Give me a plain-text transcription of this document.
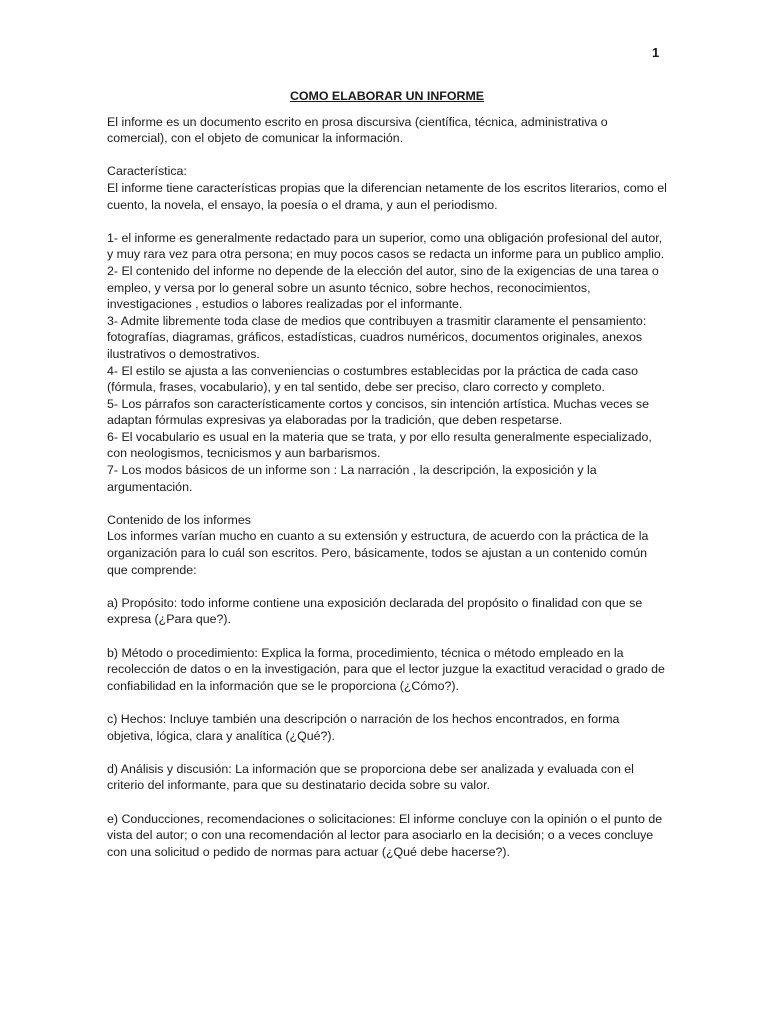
1

COMO ELABORAR UN INFORME

El informe es un documento escrito en prosa discursiva (científica, técnica, administrativa o comercial), con el objeto de comunicar la información.

Característica:

El informe tiene características propias que la diferencian netamente de los escritos literarios, como el cuento, la novela, el ensayo, la poesía o el drama, y aun el periodismo.

1- el informe es generalmente redactado para un superior, como una obligación profesional del autor, y muy rara vez para otra persona; en muy pocos casos se redacta un informe para un publico amplio.

2- El contenido del informe no depende de la elección del autor, sino de la exigencias de una tarea o empleo, y versa por lo general sobre un asunto técnico, sobre hechos, reconocimientos, investigaciones , estudios o labores realizadas por el informante.

3- Admite libremente toda clase de medios que contribuyen a trasmitir claramente el pensamiento: fotografías, diagramas, gráficos, estadísticas, cuadros numéricos, documentos originales, anexos ilustrativos o demostrativos.

4- El estilo se ajusta a las conveniencias o costumbres establecidas por la práctica de cada caso (fórmula, frases, vocabulario), y en tal sentido, debe ser preciso, claro correcto y completo.

5- Los párrafos son característicamente cortos y concisos, sin intención artística. Muchas veces se adaptan fórmulas expresivas ya elaboradas por la tradición, que deben respetarse.

6- El vocabulario es usual en la materia que se trata, y por ello resulta generalmente especializado, con neologismos, tecnicismos y aun barbarismos.

7- Los modos básicos de un informe son : La narración , la descripción, la exposición y la argumentación.

Contenido de los informes

Los informes varían mucho en cuanto a su extensión y estructura, de acuerdo con la práctica de la organización para lo cuál son escritos. Pero, básicamente, todos se ajustan a un contenido común que comprende:

a) Propósito: todo informe contiene una exposición declarada del propósito o finalidad con que se expresa (¿Para que?).

b) Método o procedimiento: Explica la forma, procedimiento, técnica o método empleado en la recolección de datos o en la investigación, para que el lector juzgue la exactitud veracidad o grado de confiabilidad en la información que se le proporciona (¿Cómo?).

c) Hechos: Incluye también una descripción o narración de los hechos encontrados, en forma objetiva, lógica, clara y analítica (¿Qué?).

d) Análisis y discusión: La información que se proporciona debe ser analizada y evaluada con el criterio del informante, para que su destinatario decida sobre su valor.

e) Conducciones, recomendaciones o solicitaciones: El informe concluye con la opinión o el punto de vista del autor; o con una recomendación al lector para asociarlo en la decisión; o a veces concluye con una solicitud o pedido de normas para actuar (¿Qué debe hacerse?).
